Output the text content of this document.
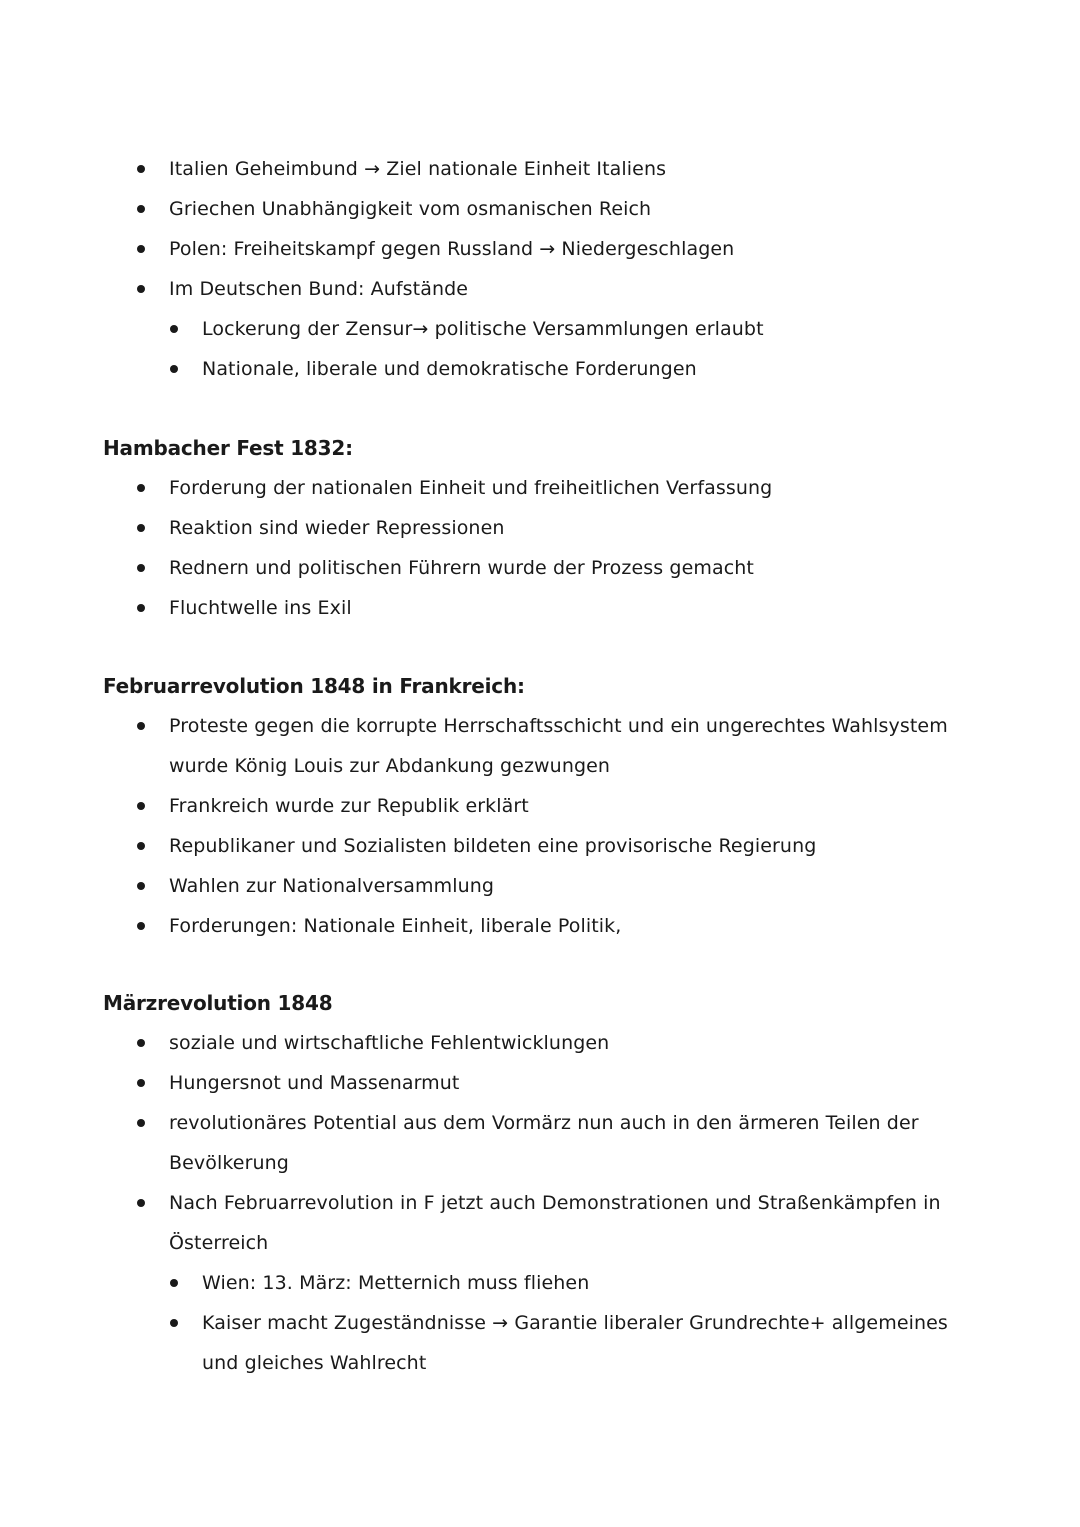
Italien Geheimbund → Ziel nationale Einheit Italiens
Griechen Unabhängigkeit vom osmanischen Reich
Polen: Freiheitskampf gegen Russland → Niedergeschlagen
Im Deutschen Bund: Aufstände
Lockerung der Zensur→ politische Versammlungen erlaubt
Nationale, liberale und demokratische Forderungen
Hambacher Fest 1832:
Forderung der nationalen Einheit und freiheitlichen Verfassung
Reaktion sind wieder Repressionen
Rednern und politischen Führern wurde der Prozess gemacht
Fluchtwelle ins Exil
Februarrevolution 1848 in Frankreich:
Proteste gegen die korrupte Herrschaftsschicht und ein ungerechtes Wahlsystem wurde König Louis zur Abdankung gezwungen
Frankreich wurde zur Republik erklärt
Republikaner und Sozialisten bildeten eine provisorische Regierung
Wahlen zur Nationalversammlung
Forderungen: Nationale Einheit, liberale Politik,
Märzrevolution 1848
soziale und wirtschaftliche Fehlentwicklungen
Hungersnot und Massenarmut
revolutionäres Potential aus dem Vormärz nun auch in den ärmeren Teilen der Bevölkerung
Nach Februarrevolution in F jetzt auch Demonstrationen und Straßenkämpfen in Österreich
Wien: 13. März: Metternich muss fliehen
Kaiser macht Zugeständnisse → Garantie liberaler Grundrechte+ allgemeines und gleiches Wahlrecht
